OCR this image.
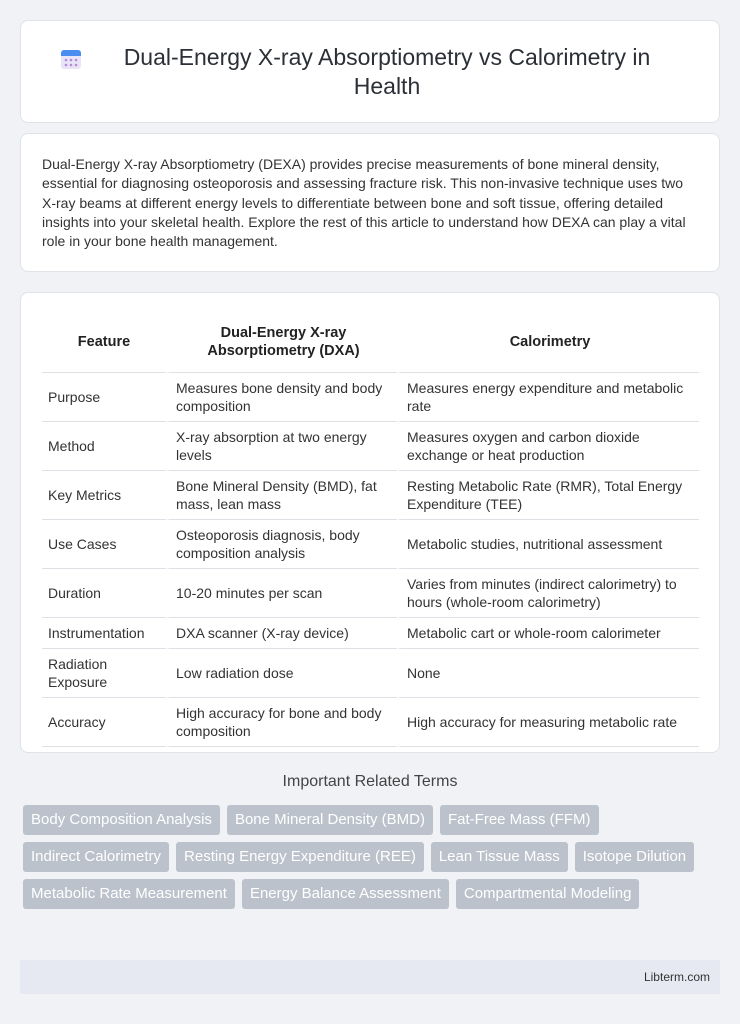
Dual-Energy X-ray Absorptiometry vs Calorimetry in Health

Dual-Energy X-ray Absorptiometry (DEXA) provides precise measurements of bone mineral density, essential for diagnosing osteoporosis and assessing fracture risk. This non-invasive technique uses two X-ray beams at different energy levels to differentiate between bone and soft tissue, offering detailed insights into your skeletal health. Explore the rest of this article to understand how DEXA can play a vital role in your bone health management.

Feature	Dual-Energy X-ray Absorptiometry (DXA)	Calorimetry
Purpose	Measures bone density and body composition	Measures energy expenditure and metabolic rate
Method	X-ray absorption at two energy levels	Measures oxygen and carbon dioxide exchange or heat production
Key Metrics	Bone Mineral Density (BMD), fat mass, lean mass	Resting Metabolic Rate (RMR), Total Energy Expenditure (TEE)
Use Cases	Osteoporosis diagnosis, body composition analysis	Metabolic studies, nutritional assessment
Duration	10-20 minutes per scan	Varies from minutes (indirect calorimetry) to hours (whole-room calorimetry)
Instrumentation	DXA scanner (X-ray device)	Metabolic cart or whole-room calorimeter
Radiation Exposure	Low radiation dose	None
Accuracy	High accuracy for bone and body composition	High accuracy for measuring metabolic rate
Important Related Terms
Body Composition Analysis	Bone Mineral Density (BMD)	Fat-Free Mass (FFM)
Indirect Calorimetry	Resting Energy Expenditure (REE)	Lean Tissue Mass	Isotope Dilution
Metabolic Rate Measurement	Energy Balance Assessment	Compartmental Modeling
Libterm.com
